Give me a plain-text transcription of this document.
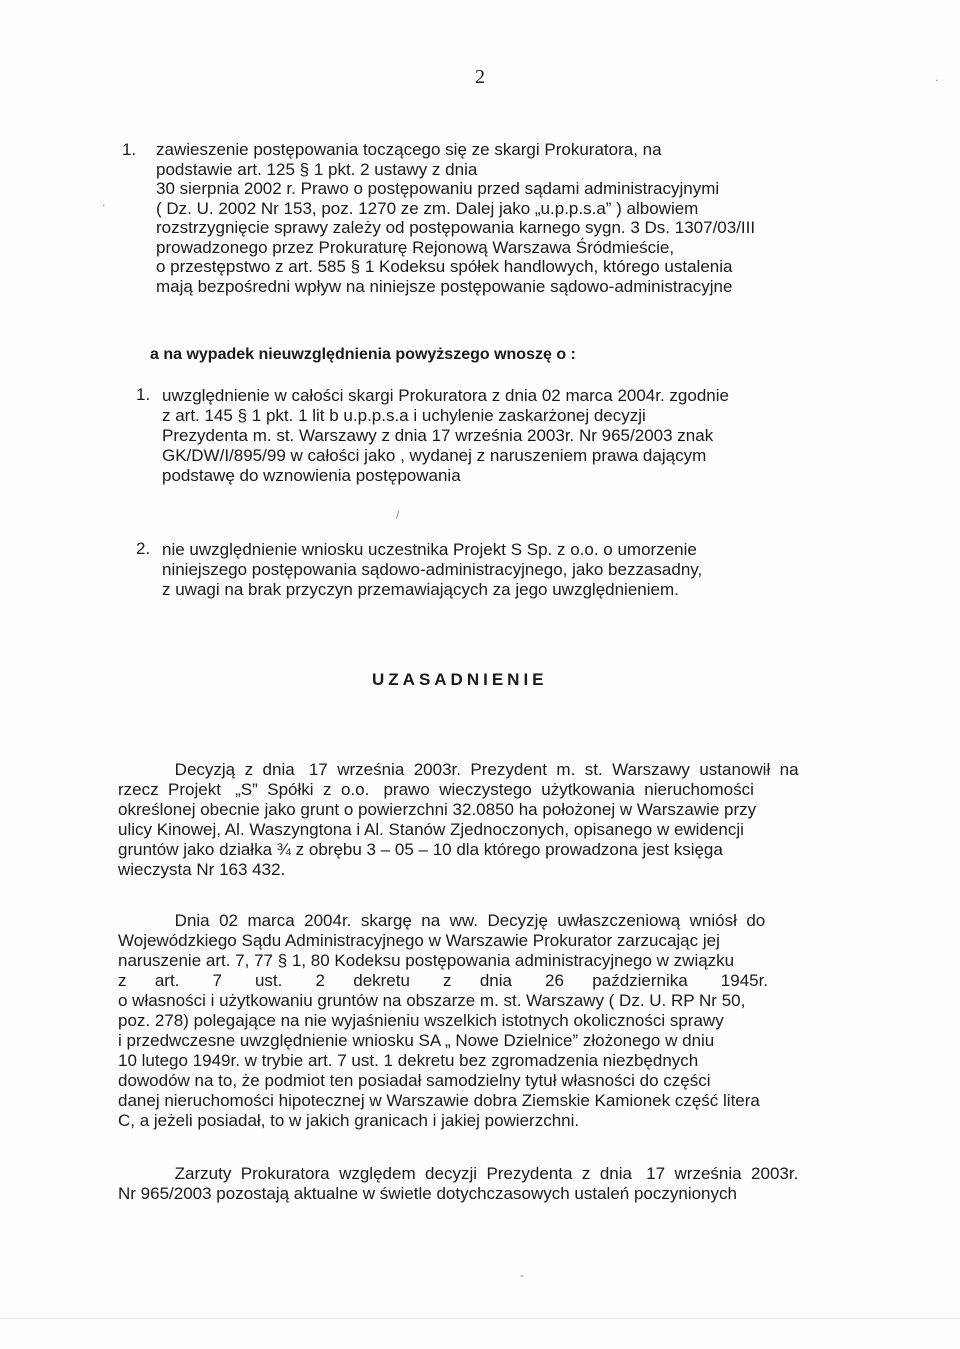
2
.
.
1. zawieszenie postępowania toczącego się ze skargi Prokuratora, na
podstawie art. 125 § 1 pkt. 2 ustawy z dnia
30 sierpnia 2002 r. Prawo o postępowaniu przed sądami administracyjnymi
( Dz. U. 2002 Nr 153, poz. 1270 ze zm. Dalej jako „u.p.p.s.a” ) albowiem
rozstrzygnięcie sprawy zależy od postępowania karnego sygn. 3 Ds. 1307/03/III
prowadzonego przez Prokuraturę Rejonową Warszawa Śródmieście,
o przestępstwo z art. 585 § 1 Kodeksu spółek handlowych, którego ustalenia
mają bezpośredni wpływ na niniejsze postępowanie sądowo-administracyjne
a na wypadek nieuwzględnienia powyższego wnoszę o :
1. uwzględnienie w całości skargi Prokuratora z dnia 02 marca 2004r. zgodnie
z art. 145 § 1 pkt. 1 lit b u.p.p.s.a i uchylenie zaskarżonej decyzji
Prezydenta m. st. Warszawy z dnia 17 września 2003r. Nr 965/2003 znak
GK/DW/I/895/99 w całości jako , wydanej z naruszeniem prawa dającym
podstawę do wznowienia postępowania
/
2. nie uwzględnienie wniosku uczestnika Projekt S Sp. z o.o. o umorzenie
niniejszego postępowania sądowo-administracyjnego, jako bezzasadny,
z uwagi na brak przyczyn przemawiających za jego uwzględnieniem.
UZASADNIENIE
Decyzją  z  dnia   17  września  2003r.  Prezydent  m.  st.  Warszawy  ustanowił  na
rzecz  Projekt   „S”  Spółki  z  o.o.   prawo  wieczystego  użytkowania  nieruchomości
określonej obecnie jako grunt o powierzchni 32.0850 ha położonej w Warszawie przy
ulicy Kinowej, Al. Waszyngtona i Al. Stanów Zjednoczonych, opisanego w ewidencji
gruntów jako działka ¾ z obrębu 3 – 05 – 10 dla którego prowadzona jest księga
wieczysta Nr 163 432.
Dnia  02  marca  2004r.  skargę  na  ww.  Decyzję  uwłaszczeniową  wniósł  do
Wojewódzkiego Sądu Administracyjnego w Warszawie Prokurator zarzucając jej
naruszenie art. 7, 77 § 1, 80 Kodeksu postępowania administracyjnego w związku
z      art.       7       ust.       2      dekretu       z      dnia       26      października       1945r.
o własności i użytkowaniu gruntów na obszarze m. st. Warszawy ( Dz. U. RP Nr 50,
poz. 278) polegające na nie wyjaśnieniu wszelkich istotnych okoliczności sprawy
i przedwczesne uwzględnienie wniosku SA „ Nowe Dzielnice” złożonego w dniu
10 lutego 1949r. w trybie art. 7 ust. 1 dekretu bez zgromadzenia niezbędnych
dowodów na to, że podmiot ten posiadał samodzielny tytuł własności do części
danej nieruchomości hipotecznej w Warszawie dobra Ziemskie Kamionek część litera
C, a jeżeli posiadał, to w jakich granicach i jakiej powierzchni.
Zarzuty  Prokuratora  względem  decyzji  Prezydenta  z  dnia   17  września  2003r.
Nr 965/2003 pozostają aktualne w świetle dotychczasowych ustaleń poczynionych
-
